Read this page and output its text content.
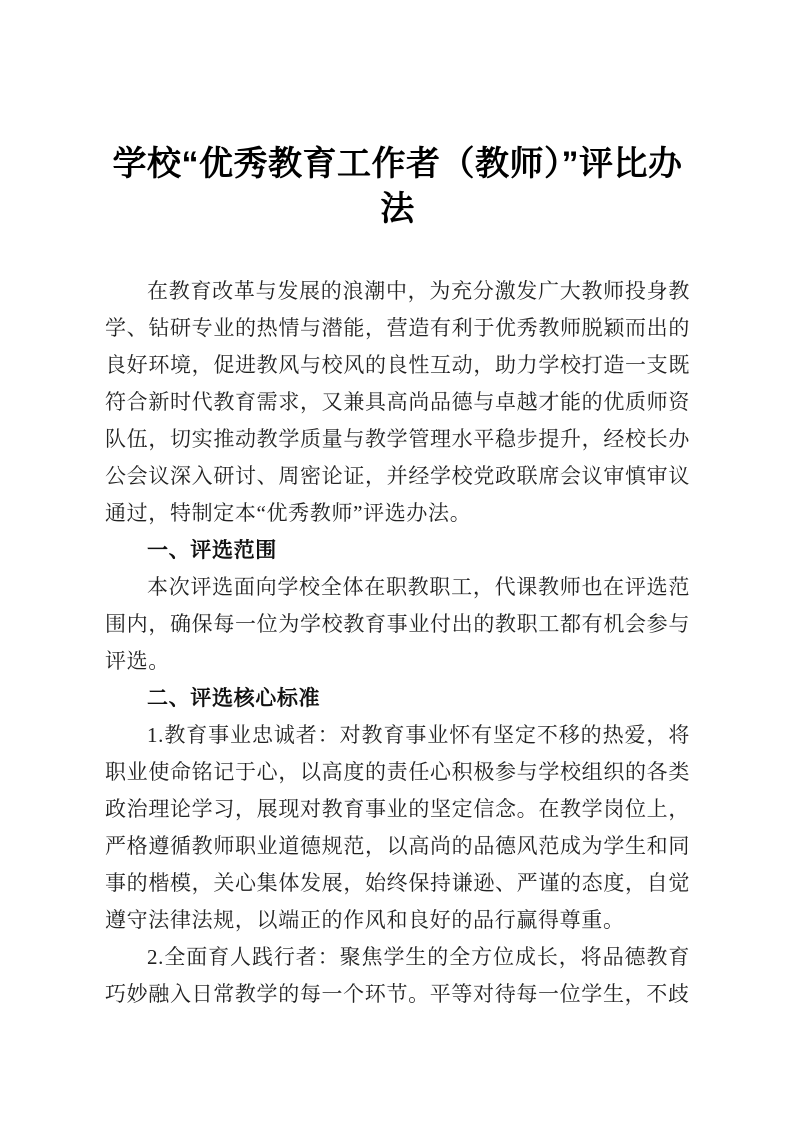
学校“优秀教育工作者（教师）”评比办法

在教育改革与发展的浪潮中，为充分激发广大教师投身教学、钻研专业的热情与潜能，营造有利于优秀教师脱颖而出的良好环境，促进教风与校风的良性互动，助力学校打造一支既符合新时代教育需求，又兼具高尚品德与卓越才能的优质师资队伍，切实推动教学质量与教学管理水平稳步提升，经校长办公会议深入研讨、周密论证，并经学校党政联席会议审慎审议通过，特制定本“优秀教师”评选办法。

一、评选范围

本次评选面向学校全体在职教职工，代课教师也在评选范围内，确保每一位为学校教育事业付出的教职工都有机会参与评选。

二、评选核心标准

1.教育事业忠诚者：对教育事业怀有坚定不移的热爱，将职业使命铭记于心，以高度的责任心积极参与学校组织的各类政治理论学习，展现对教育事业的坚定信念。在教学岗位上，严格遵循教师职业道德规范，以高尚的品德风范成为学生和同事的楷模，关心集体发展，始终保持谦逊、严谨的态度，自觉遵守法律法规，以端正的作风和良好的品行赢得尊重。

2.全面育人践行者：聚焦学生的全方位成长，将品德教育巧妙融入日常教学的每一个环节。平等对待每一位学生，不歧
